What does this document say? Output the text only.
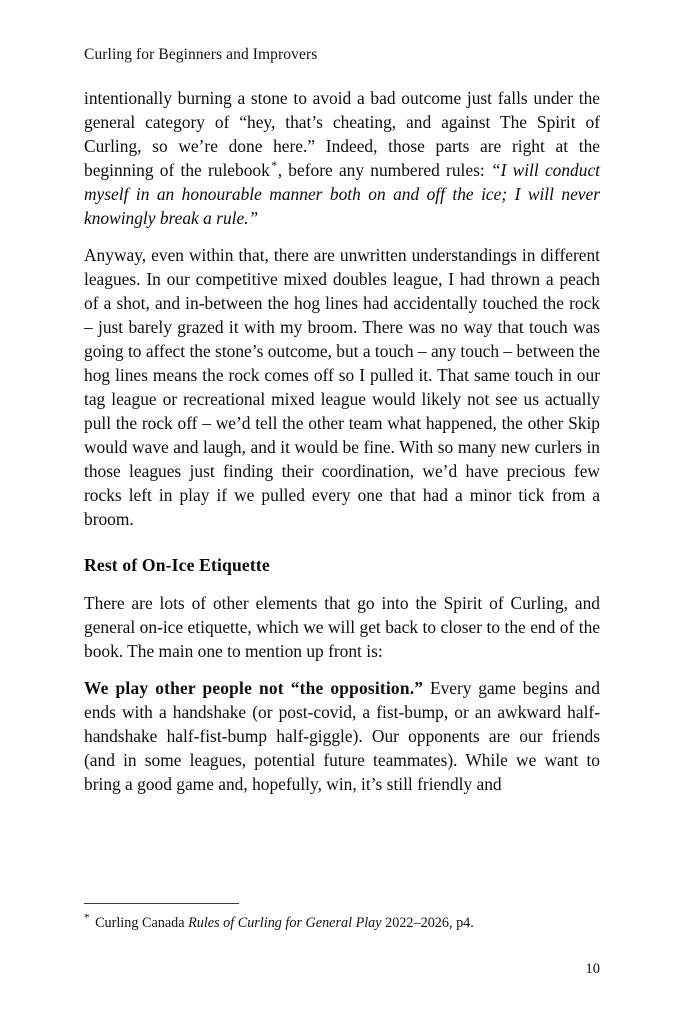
Curling for Beginners and Improvers

intentionally burning a stone to avoid a bad outcome just falls under the general category of “hey, that’s cheating, and against The Spirit of Curling, so we’re done here.” Indeed, those parts are right at the beginning of the rulebook *, before any numbered rules: “I will conduct myself in an honourable manner both on and off the ice; I will never knowingly break a rule.”

Anyway, even within that, there are unwritten understandings in different leagues. In our competitive mixed doubles league, I had thrown a peach of a shot, and in-between the hog lines had accidentally touched the rock – just barely grazed it with my broom. There was no way that touch was going to affect the stone’s outcome, but a touch – any touch – between the hog lines means the rock comes off so I pulled it. That same touch in our tag league or recreational mixed league would likely not see us actually pull the rock off – we’d tell the other team what happened, the other Skip would wave and laugh, and it would be fine. With so many new curlers in those leagues just finding their coordination, we’d have precious few rocks left in play if we pulled every one that had a minor tick from a broom.

Rest of On-Ice Etiquette

There are lots of other elements that go into the Spirit of Curling, and general on-ice etiquette, which we will get back to closer to the end of the book. The main one to mention up front is:

We play other people not “the opposition.” Every game begins and ends with a handshake (or post-covid, a fist-bump, or an awkward half-handshake half-fist-bump half-giggle). Our opponents are our friends (and in some leagues, potential future teammates). While we want to bring a good game and, hopefully, win, it’s still friendly and

* Curling Canada Rules of Curling for General Play 2022–2026, p4.
10
